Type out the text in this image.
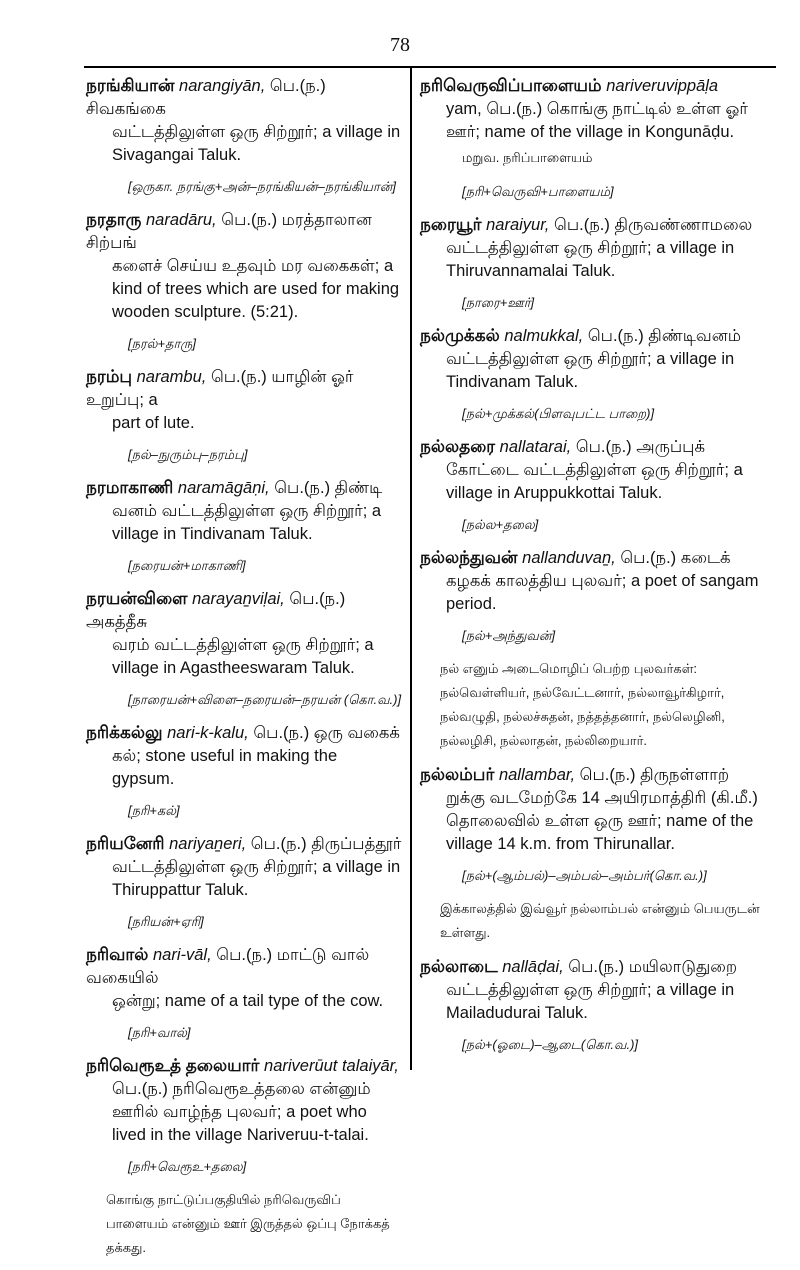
78
நரங்கியான் narangiyān, பெ.(ந.) சிவகங்கை
வட்டத்திலுள்ள ஒரு சிற்றூர்; a village in Sivagangai Taluk.
[ஒருகா. நரங்கு+அன்–நரங்கியன்–நரங்கியான்]
நரதாரு naradāru, பெ.(ந.) மரத்தாலான சிற்பங்
களைச் செய்ய உதவும் மர வகைகள்; a kind of trees which are used for making wooden sculpture. (5:21).
[நரல்+தாரு]
நரம்பு narambu, பெ.(ந.) யாழின் ஓர் உறுப்பு; a
part of lute.
[நல்–நுரும்பு–நரம்பு]
நரமாகாணி naramāgāṇi, பெ.(ந.) திண்டி
வனம் வட்டத்திலுள்ள ஒரு சிற்றூர்; a village in Tindivanam Taluk.
[நரையன்+மாகாணி]
நரயன்விளை narayaṉviḷai, பெ.(ந.) அகத்தீசு
வரம் வட்டத்திலுள்ள ஒரு சிற்றூர்; a village in Agastheeswaram Taluk.
[நாரையன்+விளை–நரையன்–நரயன் (கொ.வ.)]
நரிக்கல்லு nari-k-kalu, பெ.(ந.) ஒரு வகைக்
கல்; stone useful in making the gypsum.
[நரி+கல்]
நரியனேரி nariyaṉeri, பெ.(ந.) திருப்பத்தூர்
வட்டத்திலுள்ள ஒரு சிற்றூர்; a village in Thiruppattur Taluk.
[நரியன்+ஏரி]
நரிவால் nari-vāl, பெ.(ந.) மாட்டு வால் வகையில்
ஒன்று; name of a tail type of the cow.
[நரி+வால்]
நரிவெரூஉத் தலையார் nariverūut talaiyār,
பெ.(ந.) நரிவெரூஉத்தலை என்னும் ஊரில் வாழ்ந்த புலவர்; a poet who lived in the village Nariveruu-t-talai.
[நரி+வெரூஉ+தலை]
கொங்கு நாட்டுப்பகுதியில் நரிவெருவிப் பாளையம் என்னும் ஊர் இருத்தல் ஒப்பு நோக்கத் தக்கது.
நரிவெருவிப்பாளையம் nariveruvippāḷa
yam, பெ.(ந.) கொங்கு நாட்டில் உள்ள ஓர் ஊர்; name of the village in Kongunāḍu.
மறுவ. நரிப்பாளையம்
[நரி+வெருவி+பாளையம்]
நரையூர் naraiyur, பெ.(ந.) திருவண்ணாமலை
வட்டத்திலுள்ள ஒரு சிற்றூர்; a village in Thiruvannamalai Taluk.
[நாரை+ஊர்]
நல்முக்கல் nalmukkal, பெ.(ந.) திண்டிவனம்
வட்டத்திலுள்ள ஒரு சிற்றூர்; a village in Tindivanam Taluk.
[நல்+முக்கல்(பிளவுபட்ட பாறை)]
நல்லதரை nallatarai, பெ.(ந.) அருப்புக்
கோட்டை வட்டத்திலுள்ள ஒரு சிற்றூர்; a village in Aruppukkottai Taluk.
[நல்ல+தலை]
நல்லந்துவன் nallanduvaṉ, பெ.(ந.) கடைக்
கழகக் காலத்திய புலவர்; a poet of sangam period.
[நல்+அந்துவன்]
நல் எனும் அடைமொழிப் பெற்ற புலவர்கள்: நல்வெள்ளியர், நல்வேட்டனார், நல்லாவூர்கிழார், நல்வழுதி, நல்லச்சுதன், நத்தத்தனார், நல்லெழினி, நல்லழிசி, நல்லாதன், நல்லிறையார்.
நல்லம்பர் nallambar, பெ.(ந.) திருநள்ளாற்
றுக்கு வடமேற்கே 14 அயிரமாத்திரி (கி.மீ.) தொலைவில் உள்ள ஒரு ஊர்; name of the village 14 k.m. from Thirunallar.
[நல்+(ஆம்பல்)–அம்பல்–அம்பர்(கொ.வ.)]
இக்காலத்தில் இவ்வூர் நல்லாம்பல் என்னும் பெயருடன் உள்ளது.
நல்லாடை nallāḍai, பெ.(ந.) மயிலாடுதுறை
வட்டத்திலுள்ள ஒரு சிற்றூர்; a village in Mailadudurai Taluk.
[நல்+(ஓடை)–ஆடை(கொ.வ.)]
